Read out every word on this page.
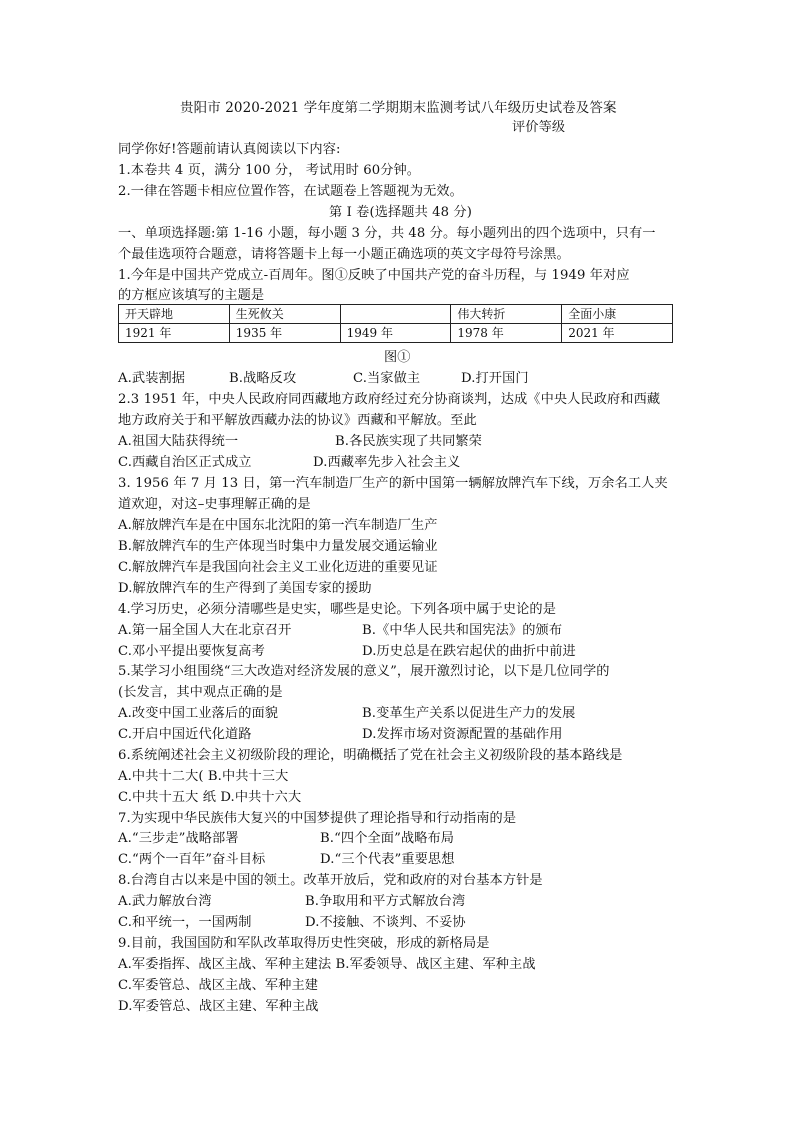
贵阳市 2020-2021 学年度第二学期期末监测考试八年级历史试卷及答案
评价等级
同学你好!答题前请认真阅读以下内容:
1.本卷共 4 页，满分 100 分， 考试用时 60分钟。
2.一律在答题卡相应位置作答，在试题卷上答题视为无效。
第 I 卷(选择题共 48 分)
一、单项选择题:第 1-16 小题，每小题 3 分，共 48 分。每小题列出的四个选项中，只有一
个最佳选项符合题意，请将答题卡上每一小题正确选项的英文字母符号涂黑。
1.今年是中国共产党成立-百周年。图①反映了中国共产党的奋斗历程，与 1949 年对应
的方框应该填写的主题是
开天辟地	生死攸关		伟大转折	全面小康
1921 年	1935 年	1949 年	1978 年	2021 年
图①
A.武装割据	B.战略反攻	C.当家做主	D.打开国门
2.3 1951 年，中央人民政府同西藏地方政府经过充分协商谈判，达成《中央人民政府和西藏
地方政府关于和平解放西藏办法的协议》西藏和平解放。至此
A.祖国大陆获得统一	B.各民族实现了共同繁荣
C.西藏自治区正式成立	D.西藏率先步入社会主义
3. 1956 年 7 月 13 日，第一汽车制造厂生产的新中国第一辆解放牌汽车下线，万余名工人夹
道欢迎，对这–史事理解正确的是
A.解放牌汽车是在中国东北沈阳的第一汽车制造厂生产
B.解放牌汽车的生产体现当时集中力量发展交通运输业
C.解放牌汽车是我国向社会主义工业化迈进的重要见证
D.解放牌汽车的生产得到了美国专家的援助
4.学习历史，必须分清哪些是史实，哪些是史论。下列各项中属于史论的是
A.第一届全国人大在北京召开	B.《中华人民共和国宪法》的颁布
C.邓小平提出要恢复高考	D.历史总是在跌宕起伏的曲折中前进
5.某学习小组围绕“三大改造对经济发展的意义”，展开激烈讨论，以下是几位同学的
(长发言，其中观点正确的是
A.改变中国工业落后的面貌	B.变革生产关系以促进生产力的发展
C.开启中国近代化道路	D.发挥市场对资源配置的基础作用
6.系统阐述社会主义初级阶段的理论，明确概括了党在社会主义初级阶段的基本路线是
A.中共十二大( B.中共十三大
C.中共十五大 纸 D.中共十六大
7.为实现中华民族伟大复兴的中国梦提供了理论指导和行动指南的是
A.“三步走”战略部署	B.“四个全面”战略布局
C.“两个一百年”奋斗目标	D.“三个代表”重要思想
8.台湾自古以来是中国的领土。改革开放后，党和政府的对台基本方针是
A.武力解放台湾	B.争取用和平方式解放台湾
C.和平统一，一国两制	D.不接触、不谈判、不妥协
9.目前，我国国防和军队改革取得历史性突破，形成的新格局是
A.军委指挥、战区主战、军种主建法 B.军委领导、战区主建、军种主战
C.军委管总、战区主战、军种主建
D.军委管总、战区主建、军种主战
